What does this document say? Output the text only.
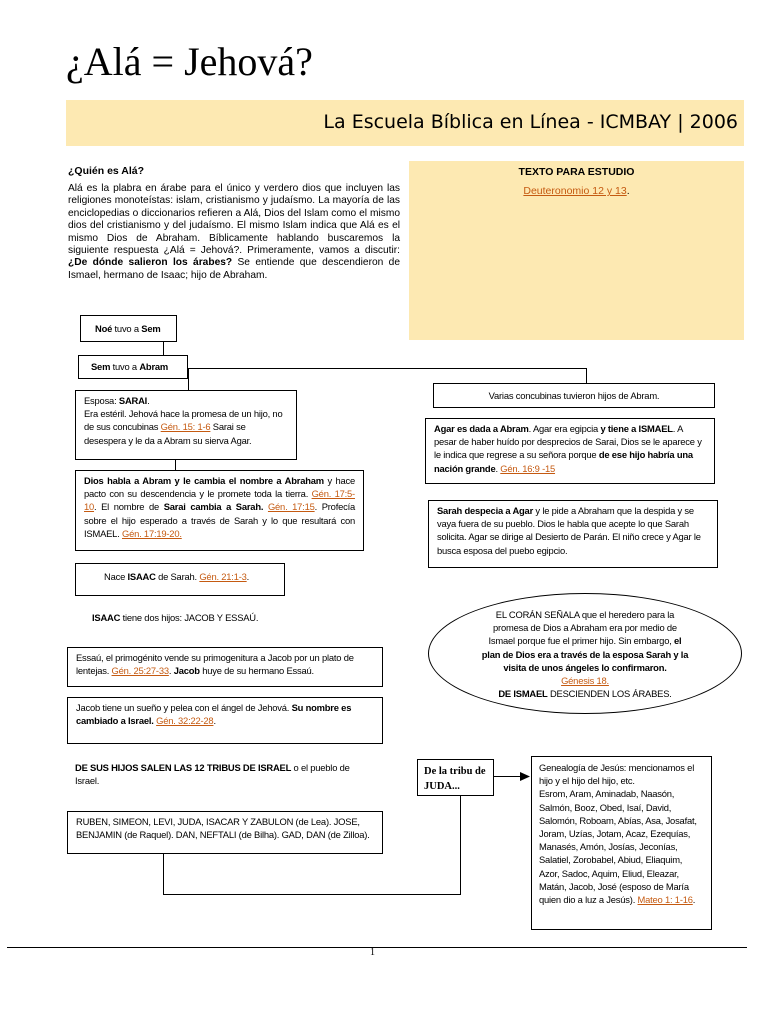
¿Alá = Jehová?
La Escuela Bíblica en Línea - ICMBAY | 2006
¿Quién es Alá?
Alá es la plabra en árabe para el único y verdero dios que incluyen las religiones monoteístas: islam, cristianismo y judaísmo. La mayoría de las enciclopedias o diccionarios refieren a Alá, Dios del Islam como el mismo dios del cristianismo y del judaísmo. El mismo Islam indica que Alá es el mismo Dios de Abraham. Bíblicamente hablando buscaremos la siguiente respuesta ¿Alá = Jehová?. Primeramente, vamos a discutir: ¿De dónde salieron los árabes? Se entiende que descendieron de Ismael, hermano de Isaac; hijo de Abraham.
TEXTO PARA ESTUDIO
Deuteronomio 12 y 13.
Noé tuvo a Sem
Sem tuvo a Abram
Esposa: SARAI.
Era estéril. Jehová hace la promesa de un hijo, no de sus concubinas Gén. 15: 1-6 Sarai se desespera y le da a Abram su sierva Agar.
Dios habla a Abram y le cambia el nombre a Abraham y hace pacto con su descendencia y le promete toda la tierra. Gén. 17:5-10. El nombre de Sarai cambia a Sarah. Gén. 17:15. Profecía sobre el hijo esperado a través de Sarah y lo que resultará con ISMAEL. Gén. 17:19-20.
Nace ISAAC de Sarah. Gén. 21:1-3.
ISAAC tiene dos hijos: JACOB Y ESSAÚ.
Essaú, el primogénito vende su primogenitura a Jacob por un plato de lentejas. Gén. 25:27-33. Jacob huye de su hermano Essaú.
Jacob tiene un sueño y pelea con el ángel de Jehová. Su nombre es cambiado a Israel. Gén. 32:22-28.
DE SUS HIJOS SALEN LAS 12 TRIBUS DE ISRAEL o el pueblo de Israel.
RUBEN, SIMEON, LEVI, JUDA, ISACAR Y ZABULON (de Lea). JOSE, BENJAMIN (de Raquel). DAN, NEFTALI (de Bilha). GAD, DAN (de Zilloa).
De la tribu de JUDA...
Genealogía de Jesús: mencionamos el hijo y el hijo del hijo, etc.
Esrom, Aram, Aminadab, Naasón, Salmón, Booz, Obed, Isaí, David, Salomón, Roboam, Abías, Asa, Josafat, Joram, Uzías, Jotam, Acaz, Ezequías, Manasés, Amón, Josías, Jeconías, Salatiel, Zorobabel, Abiud, Eliaquim, Azor, Sadoc, Aquim, Eliud, Eleazar, Matán, Jacob, José (esposo de María quien dio a luz a Jesús). Mateo 1: 1-16.
Varias concubinas tuvieron hijos de Abram.
Agar es dada a Abram. Agar era egipcia y tiene a ISMAEL. A pesar de haber huído por desprecios de Sarai, Dios se le aparece y le indica que regrese a su señora porque de ese hijo habría una nación grande. Gén. 16:9 -15
Sarah despecia a Agar y le pide a Abraham que la despida y se vaya fuera de su pueblo. Dios le habla que acepte lo que Sarah solicita. Agar se dirige al Desierto de Parán. El niño crece y Agar le busca esposa del puebo egipcio.
EL CORÁN SEÑALA que el heredero para la promesa de Dios a Abraham era por medio de Ismael porque fue el primer hijo. Sin embargo, el plan de Dios era a través de la esposa Sarah y la visita de unos ángeles lo confirmaron.
Génesis 18.
DE ISMAEL DESCIENDEN LOS ÁRABES.
1
